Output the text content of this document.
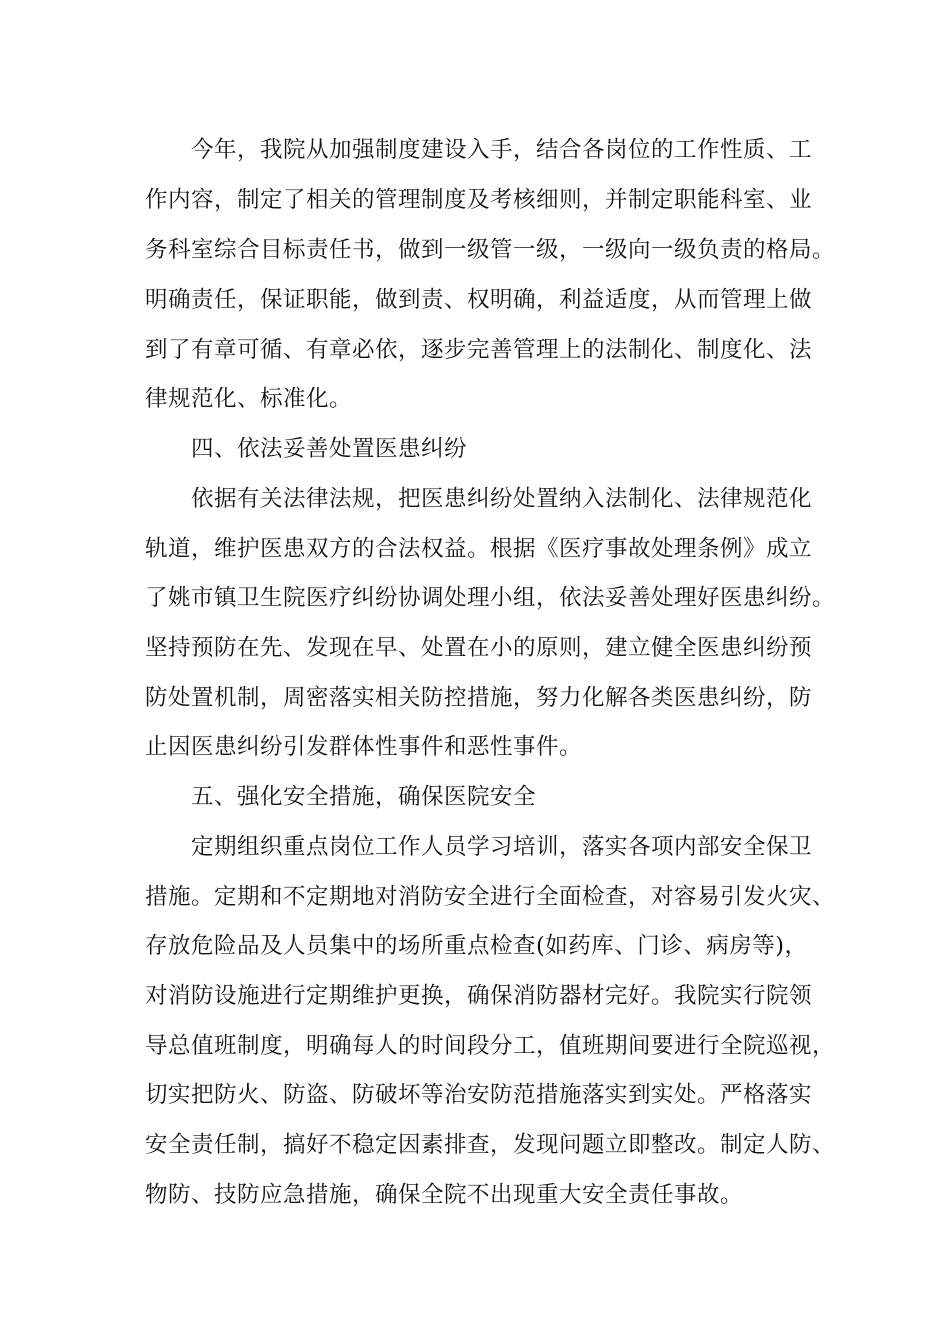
今年，我院从加强制度建设入手，结合各岗位的工作性质、工
作内容，制定了相关的管理制度及考核细则，并制定职能科室、业
务科室综合目标责任书，做到一级管一级，一级向一级负责的格局。
明确责任，保证职能，做到责、权明确，利益适度，从而管理上做
到了有章可循、有章必依，逐步完善管理上的法制化、制度化、法
律规范化、标准化。
四、依法妥善处置医患纠纷
依据有关法律法规，把医患纠纷处置纳入法制化、法律规范化
轨道，维护医患双方的合法权益。根据《医疗事故处理条例》成立
了姚市镇卫生院医疗纠纷协调处理小组，依法妥善处理好医患纠纷。
坚持预防在先、发现在早、处置在小的原则，建立健全医患纠纷预
防处置机制，周密落实相关防控措施，努力化解各类医患纠纷，防
止因医患纠纷引发群体性事件和恶性事件。
五、强化安全措施，确保医院安全
定期组织重点岗位工作人员学习培训，落实各项内部安全保卫
措施。定期和不定期地对消防安全进行全面检查，对容易引发火灾、
存放危险品及人员集中的场所重点检查(如药库、门诊、病房等)，
对消防设施进行定期维护更换，确保消防器材完好。我院实行院领
导总值班制度，明确每人的时间段分工，值班期间要进行全院巡视，
切实把防火、防盗、防破坏等治安防范措施落实到实处。严格落实
安全责任制，搞好不稳定因素排查，发现问题立即整改。制定人防、
物防、技防应急措施，确保全院不出现重大安全责任事故。
